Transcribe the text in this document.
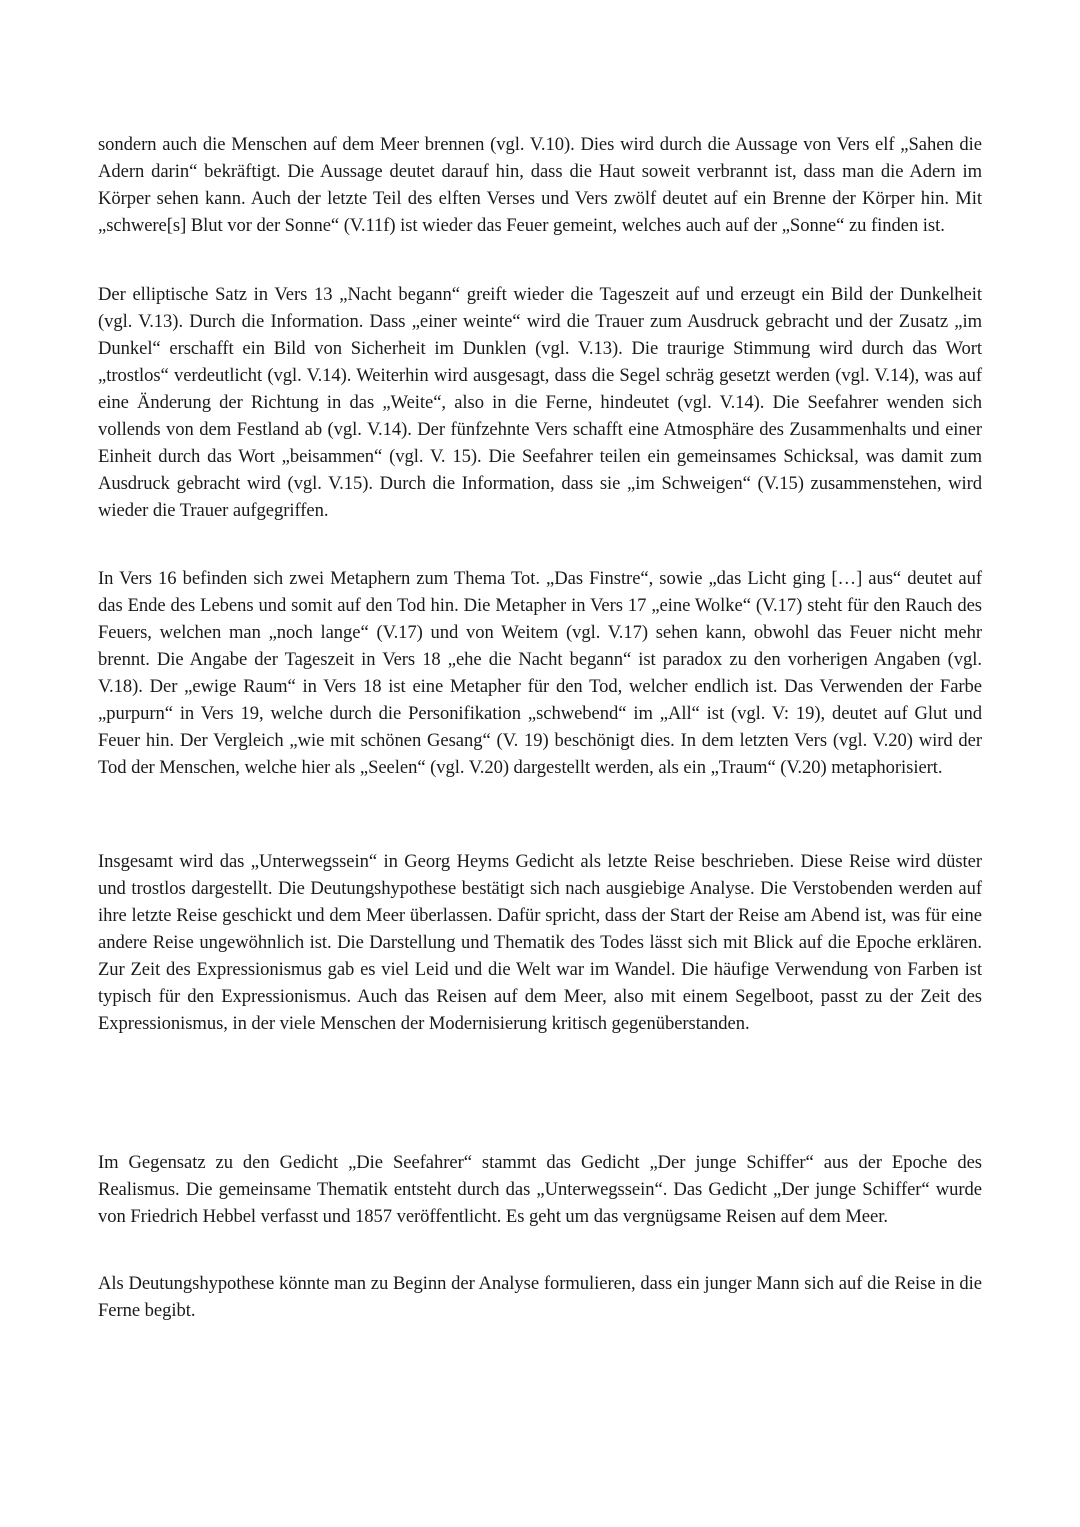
sondern auch die Menschen auf dem Meer brennen (vgl. V.10). Dies wird durch die Aussage von Vers elf „Sahen die Adern darin“ bekräftigt. Die Aussage deutet darauf hin, dass die Haut soweit verbrannt ist, dass man die Adern im Körper sehen kann. Auch der letzte Teil des elften Verses und Vers zwölf deutet auf ein Brenne der Körper hin. Mit „schwere[s] Blut vor der Sonne“ (V.11f) ist wieder das Feuer gemeint, welches auch auf der „Sonne“ zu finden ist.

Der elliptische Satz in Vers 13 „Nacht begann“ greift wieder die Tageszeit auf und erzeugt ein Bild der Dunkelheit (vgl. V.13). Durch die Information. Dass „einer weinte“ wird die Trauer zum Ausdruck gebracht und der Zusatz „im Dunkel“ erschafft ein Bild von Sicherheit im Dunklen (vgl. V.13). Die traurige Stimmung wird durch das Wort „trostlos“ verdeutlicht (vgl. V.14). Weiterhin wird ausgesagt, dass die Segel schräg gesetzt werden (vgl. V.14), was auf eine Änderung der Richtung in das „Weite“, also in die Ferne, hindeutet (vgl. V.14). Die Seefahrer wenden sich vollends von dem Festland ab (vgl. V.14). Der fünfzehnte Vers schafft eine Atmosphäre des Zusammenhalts und einer Einheit durch das Wort „beisammen“ (vgl. V. 15). Die Seefahrer teilen ein gemeinsames Schicksal, was damit zum Ausdruck gebracht wird (vgl. V.15). Durch die Information, dass sie „im Schweigen“ (V.15) zusammenstehen, wird wieder die Trauer aufgegriffen.

In Vers 16 befinden sich zwei Metaphern zum Thema Tot. „Das Finstre“, sowie „das Licht ging […] aus“ deutet auf das Ende des Lebens und somit auf den Tod hin. Die Metapher in Vers 17 „eine Wolke“ (V.17) steht für den Rauch des Feuers, welchen man „noch lange“ (V.17) und von Weitem (vgl. V.17) sehen kann, obwohl das Feuer nicht mehr brennt. Die Angabe der Tageszeit in Vers 18 „ehe die Nacht begann“ ist paradox zu den vorherigen Angaben (vgl. V.18). Der „ewige Raum“ in Vers 18 ist eine Metapher für den Tod, welcher endlich ist. Das Verwenden der Farbe „purpurn“ in Vers 19, welche durch die Personifikation „schwebend“ im „All“ ist (vgl. V: 19), deutet auf Glut und Feuer hin. Der Vergleich „wie mit schönen Gesang“ (V. 19) beschönigt dies. In dem letzten Vers (vgl. V.20) wird der Tod der Menschen, welche hier als „Seelen“ (vgl. V.20) dargestellt werden, als ein „Traum“ (V.20) metaphorisiert.

Insgesamt wird das „Unterwegssein“ in Georg Heyms Gedicht als letzte Reise beschrieben. Diese Reise wird düster und trostlos dargestellt. Die Deutungshypothese bestätigt sich nach ausgiebige Analyse. Die Verstobenden werden auf ihre letzte Reise geschickt und dem Meer überlassen. Dafür spricht, dass der Start der Reise am Abend ist, was für eine andere Reise ungewöhnlich ist. Die Darstellung und Thematik des Todes lässt sich mit Blick auf die Epoche erklären. Zur Zeit des Expressionismus gab es viel Leid und die Welt war im Wandel. Die häufige Verwendung von Farben ist typisch für den Expressionismus. Auch das Reisen auf dem Meer, also mit einem Segelboot, passt zu der Zeit des Expressionismus, in der viele Menschen der Modernisierung kritisch gegenüberstanden.

Im Gegensatz zu den Gedicht „Die Seefahrer“ stammt das Gedicht „Der junge Schiffer“ aus der Epoche des Realismus. Die gemeinsame Thematik entsteht durch das „Unterwegssein“. Das Gedicht „Der junge Schiffer“ wurde von Friedrich Hebbel verfasst und 1857 veröffentlicht. Es geht um das vergnügsame Reisen auf dem Meer.

Als Deutungshypothese könnte man zu Beginn der Analyse formulieren, dass ein junger Mann sich auf die Reise in die Ferne begibt.
